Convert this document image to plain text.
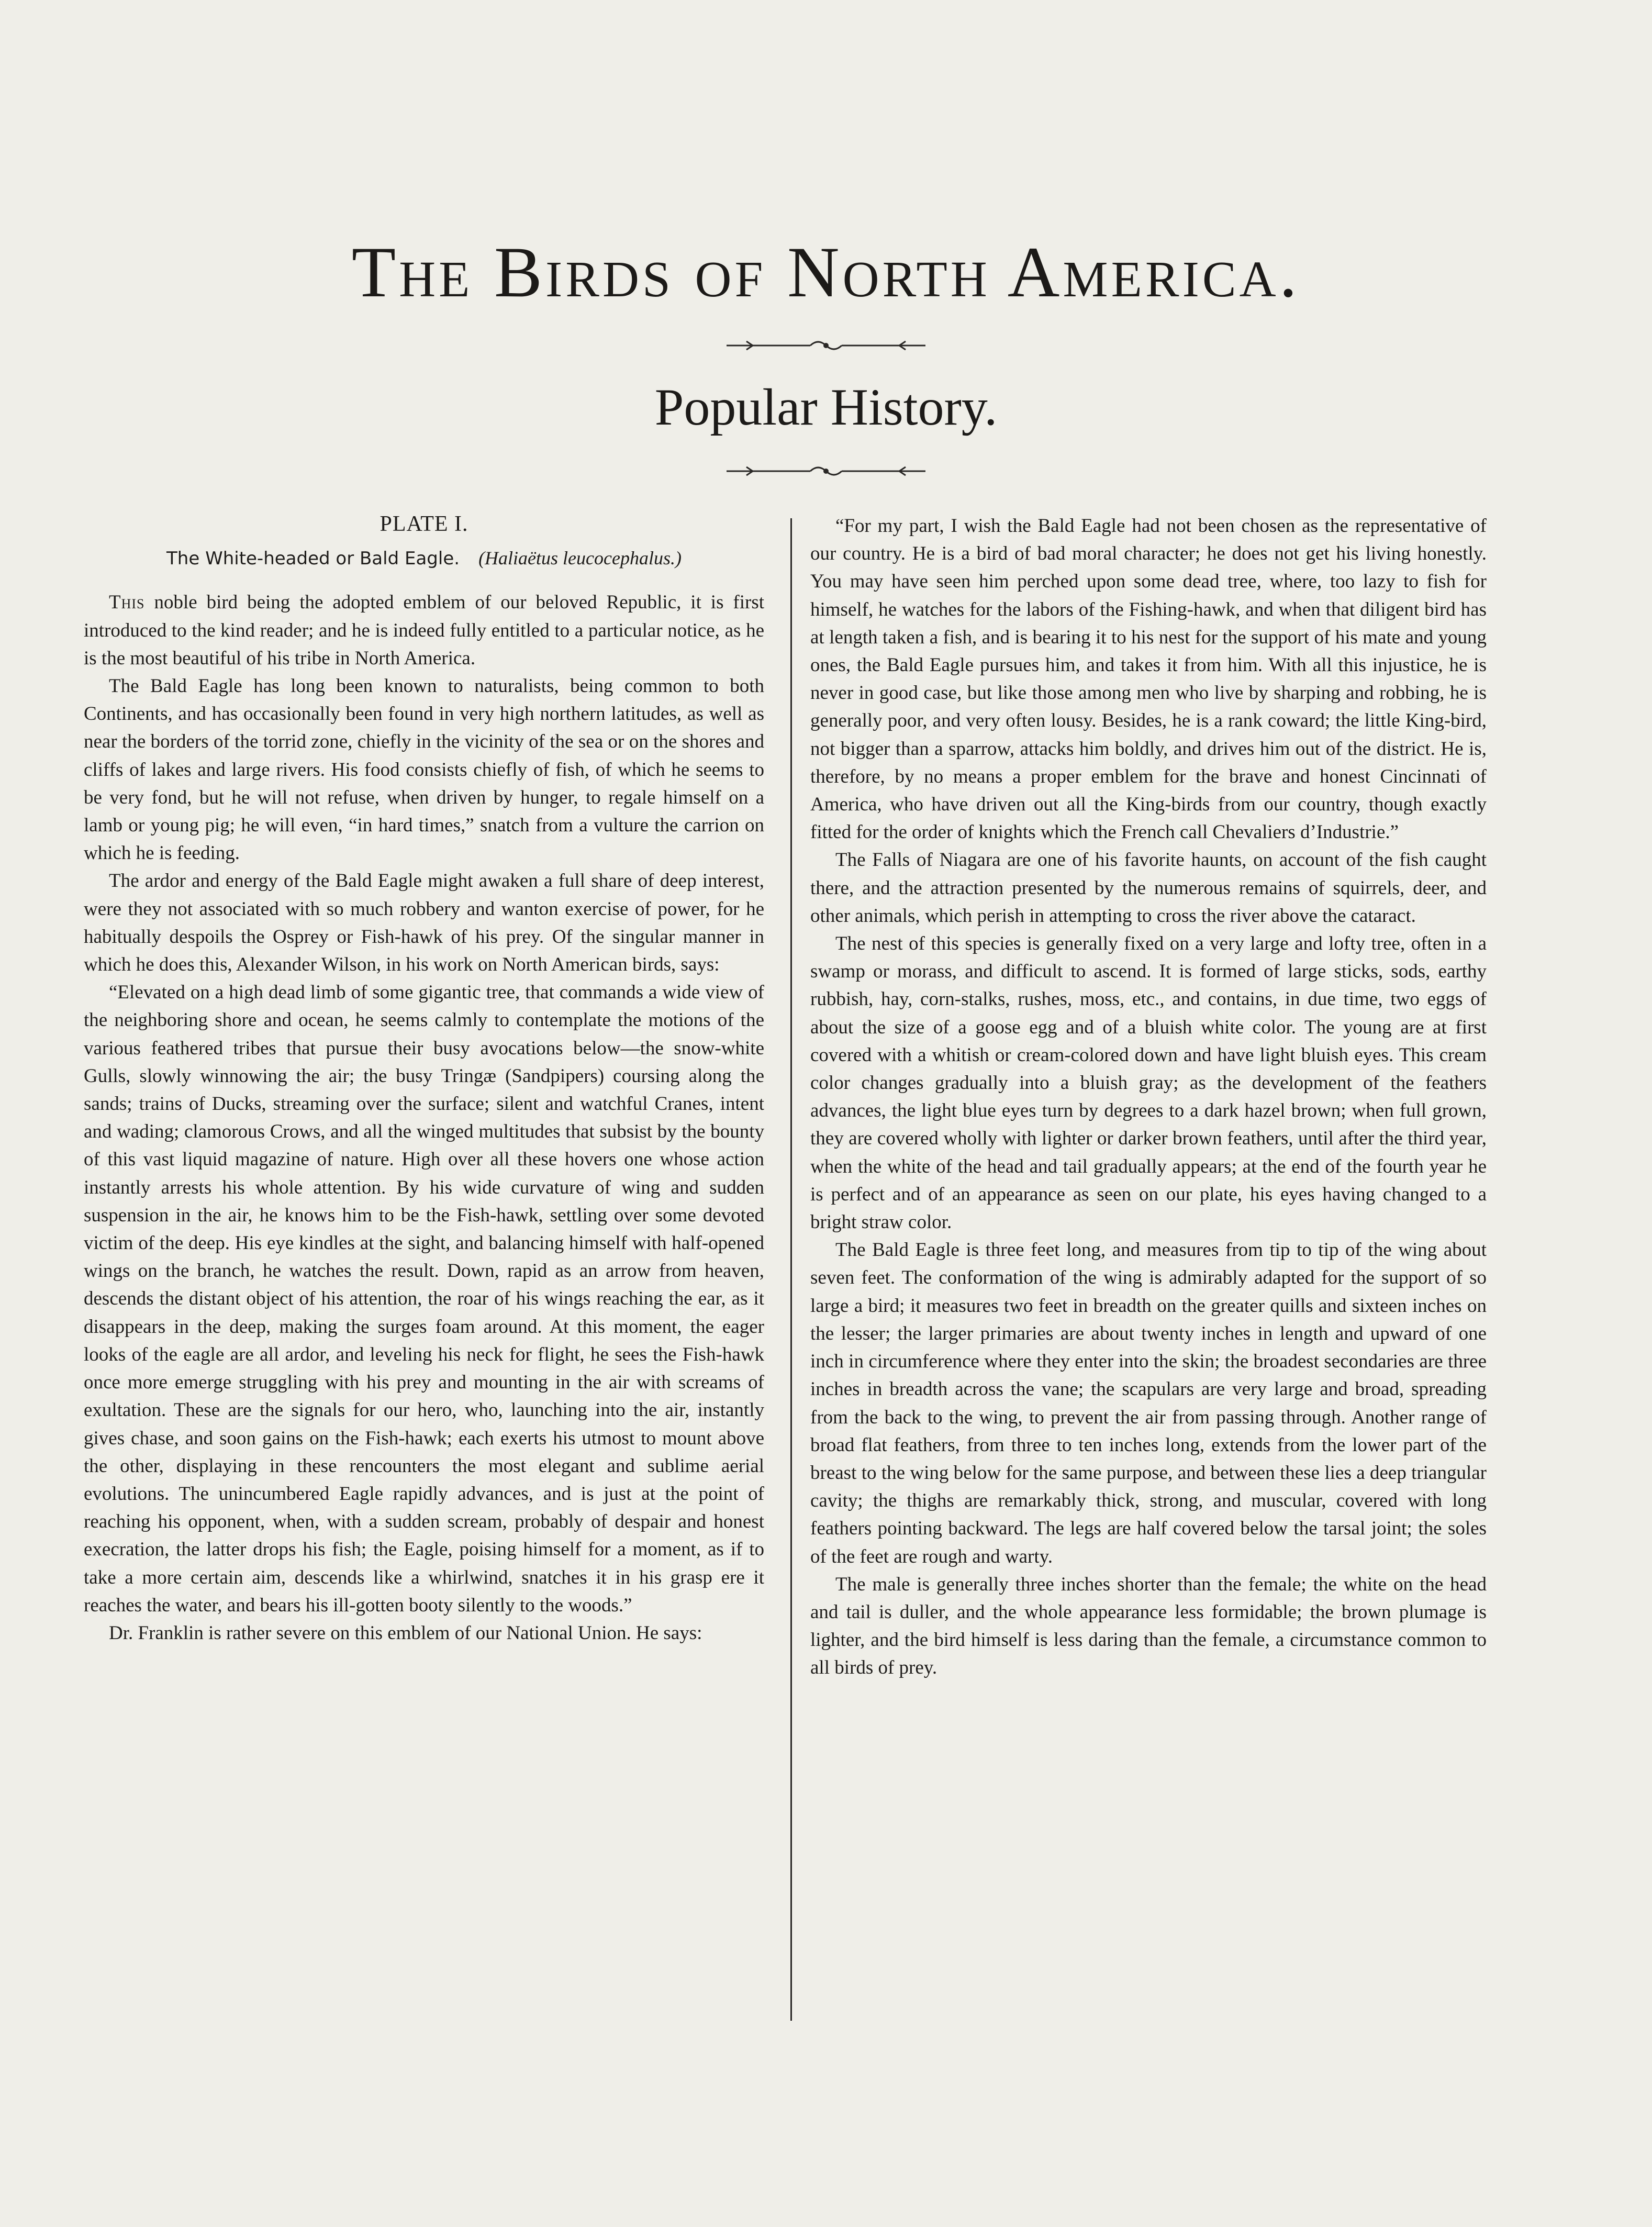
The Birds of North America.
Popular History.
PLATE I.

The White-headed or Bald Eagle. (Haliaëtus leucocephalus.)

This noble bird being the adopted emblem of our beloved Republic, it is first introduced to the kind reader; and he is indeed fully entitled to a particular notice, as he is the most beautiful of his tribe in North America.

The Bald Eagle has long been known to naturalists, being common to both Continents, and has occasionally been found in very high northern latitudes, as well as near the borders of the torrid zone, chiefly in the vicinity of the sea or on the shores and cliffs of lakes and large rivers. His food consists chiefly of fish, of which he seems to be very fond, but he will not refuse, when driven by hunger, to regale himself on a lamb or young pig; he will even, “in hard times,” snatch from a vulture the carrion on which he is feeding.

The ardor and energy of the Bald Eagle might awaken a full share of deep interest, were they not associated with so much robbery and wanton exercise of power, for he habitually despoils the Osprey or Fish-hawk of his prey. Of the singular manner in which he does this, Alexander Wilson, in his work on North American birds, says:

“Elevated on a high dead limb of some gigantic tree, that commands a wide view of the neighboring shore and ocean, he seems calmly to contemplate the motions of the various feathered tribes that pursue their busy avocations below—the snow-white Gulls, slowly winnowing the air; the busy Tringæ (Sandpipers) coursing along the sands; trains of Ducks, streaming over the surface; silent and watchful Cranes, intent and wading; clamorous Crows, and all the winged multitudes that subsist by the bounty of this vast liquid magazine of nature. High over all these hovers one whose action instantly arrests his whole attention. By his wide curvature of wing and sudden suspension in the air, he knows him to be the Fish-hawk, settling over some devoted victim of the deep. His eye kindles at the sight, and balancing himself with half-opened wings on the branch, he watches the result. Down, rapid as an arrow from heaven, descends the distant object of his attention, the roar of his wings reaching the ear, as it disappears in the deep, making the surges foam around. At this moment, the eager looks of the eagle are all ardor, and leveling his neck for flight, he sees the Fish-hawk once more emerge struggling with his prey and mounting in the air with screams of exultation. These are the signals for our hero, who, launching into the air, instantly gives chase, and soon gains on the Fish-hawk; each exerts his utmost to mount above the other, displaying in these rencounters the most elegant and sublime aerial evolutions. The unincumbered Eagle rapidly advances, and is just at the point of reaching his opponent, when, with a sudden scream, probably of despair and honest execration, the latter drops his fish; the Eagle, poising himself for a moment, as if to take a more certain aim, descends like a whirlwind, snatches it in his grasp ere it reaches the water, and bears his ill-gotten booty silently to the woods.”

Dr. Franklin is rather severe on this emblem of our National Union. He says:

“For my part, I wish the Bald Eagle had not been chosen as the representative of our country. He is a bird of bad moral character; he does not get his living honestly. You may have seen him perched upon some dead tree, where, too lazy to fish for himself, he watches for the labors of the Fishing-hawk, and when that diligent bird has at length taken a fish, and is bearing it to his nest for the support of his mate and young ones, the Bald Eagle pursues him, and takes it from him. With all this injustice, he is never in good case, but like those among men who live by sharping and robbing, he is generally poor, and very often lousy. Besides, he is a rank coward; the little King-bird, not bigger than a sparrow, attacks him boldly, and drives him out of the district. He is, therefore, by no means a proper emblem for the brave and honest Cincinnati of America, who have driven out all the King-birds from our country, though exactly fitted for the order of knights which the French call Chevaliers d’Industrie.”

The Falls of Niagara are one of his favorite haunts, on account of the fish caught there, and the attraction presented by the numerous remains of squirrels, deer, and other animals, which perish in attempting to cross the river above the cataract.

The nest of this species is generally fixed on a very large and lofty tree, often in a swamp or morass, and difficult to ascend. It is formed of large sticks, sods, earthy rubbish, hay, corn-stalks, rushes, moss, etc., and contains, in due time, two eggs of about the size of a goose egg and of a bluish white color. The young are at first covered with a whitish or cream-colored down and have light bluish eyes. This cream color changes gradually into a bluish gray; as the development of the feathers advances, the light blue eyes turn by degrees to a dark hazel brown; when full grown, they are covered wholly with lighter or darker brown feathers, until after the third year, when the white of the head and tail gradually appears; at the end of the fourth year he is perfect and of an appearance as seen on our plate, his eyes having changed to a bright straw color.

The Bald Eagle is three feet long, and measures from tip to tip of the wing about seven feet. The conformation of the wing is admirably adapted for the support of so large a bird; it measures two feet in breadth on the greater quills and sixteen inches on the lesser; the larger primaries are about twenty inches in length and upward of one inch in circumference where they enter into the skin; the broadest secondaries are three inches in breadth across the vane; the scapulars are very large and broad, spreading from the back to the wing, to prevent the air from passing through. Another range of broad flat feathers, from three to ten inches long, extends from the lower part of the breast to the wing below for the same purpose, and between these lies a deep triangular cavity; the thighs are remarkably thick, strong, and muscular, covered with long feathers pointing backward. The legs are half covered below the tarsal joint; the soles of the feet are rough and warty.

The male is generally three inches shorter than the female; the white on the head and tail is duller, and the whole appearance less formidable; the brown plumage is lighter, and the bird himself is less daring than the female, a circumstance common to all birds of prey.
